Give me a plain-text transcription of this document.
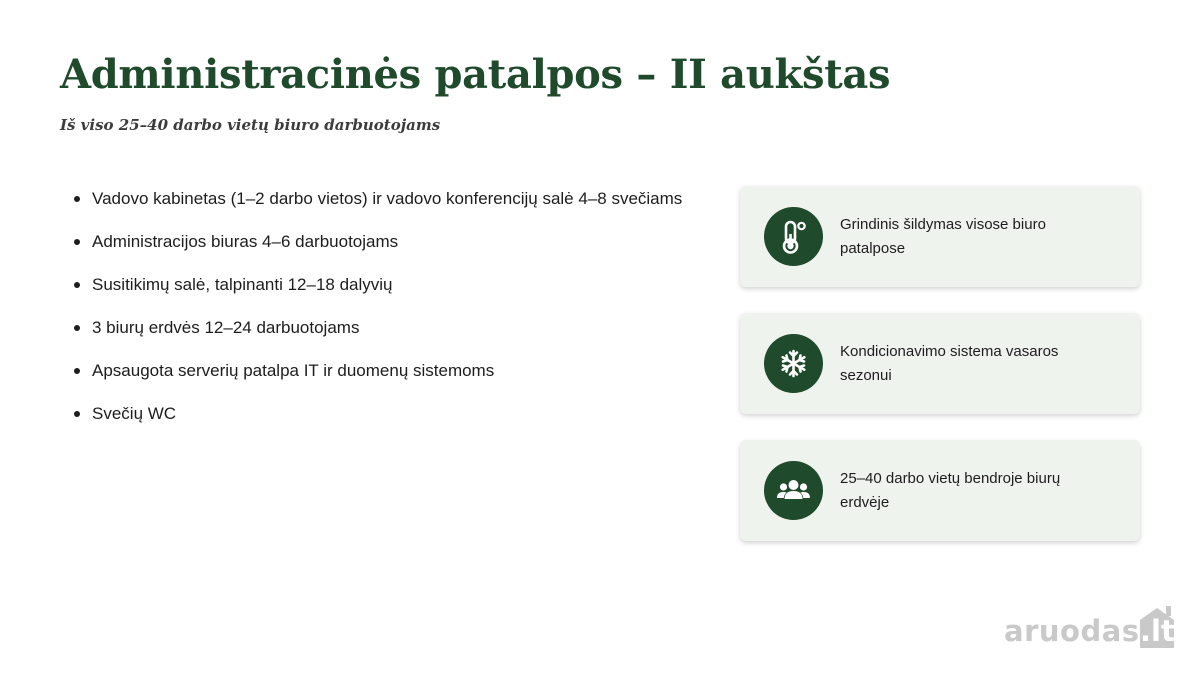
Administracinės patalpos – II aukštas

Iš viso 25–40 darbo vietų biuro darbuotojams

Vadovo kabinetas (1–2 darbo vietos) ir vadovo konferencijų salė 4–8 svečiams
Administracijos biuras 4–6 darbuotojams
Susitikimų salė, talpinanti 12–18 dalyvių
3 biurų erdvės 12–24 darbuotojams
Apsaugota serverių patalpa IT ir duomenų sistemoms
Svečių WC
Grindinis šildymas visose biuro patalpose
Kondicionavimo sistema vasaros sezonui
25–40 darbo vietų bendroje biurų erdvėje
aruodas .lt
